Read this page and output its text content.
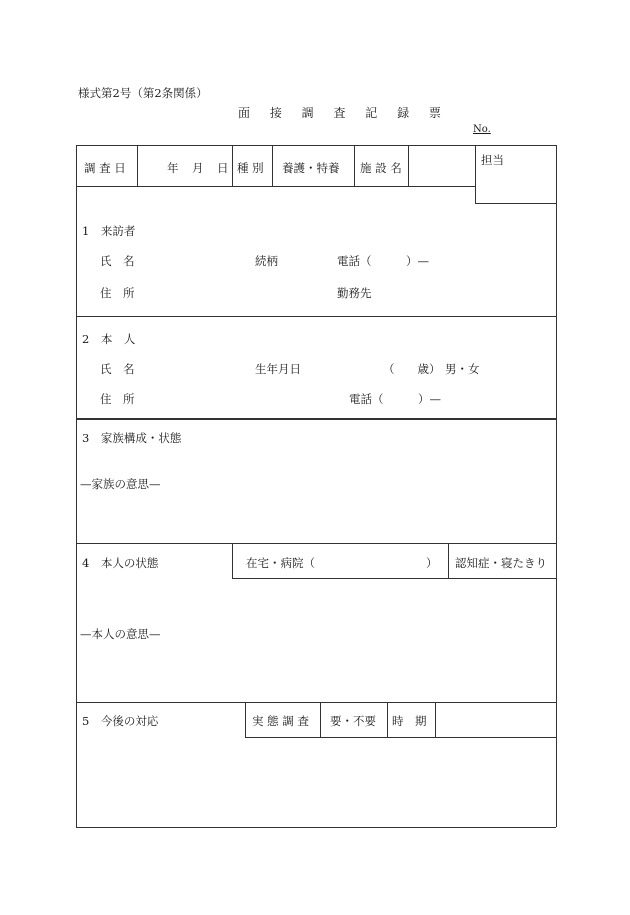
様式第2号（第2条関係）
面 接 調 査 記 録 票
No.
調 査 日	年 月 日 種 別 養護・特養 施 設 名
担当
1　来訪者
氏　名	続柄	電話（　　　）—
住　所	勤務先
2　本　人
氏　名	生年月日	（　　歳） 男・女
住　所	電話（　　　）—
3　家族構成・状態
—家族の意思—
4　本人の状態	在宅・病院（	） 認知症・寝たきり
—本人の意思—
5　今後の対応	実 態 調 査 要・不要 時　期
